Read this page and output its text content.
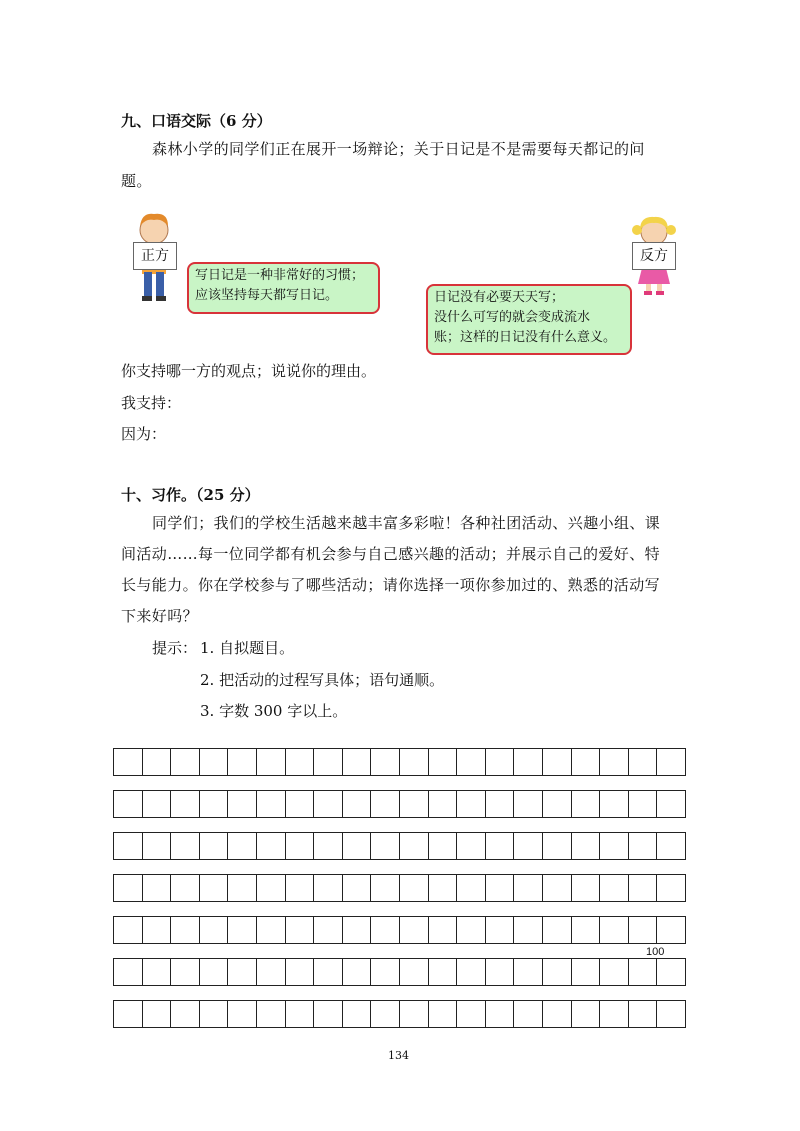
九、口语交际（6 分）
森林小学的同学们正在展开一场辩论；关于日记是不是需要每天都记的问
题。
正方	反方
写日记是一种非常好的习惯；
应该坚持每天都写日记。	日记没有必要天天写；
没什么可写的就会变成流水
账；这样的日记没有什么意义。
你支持哪一方的观点；说说你的理由。
我支持：
因为：
十、习作。（25 分）
同学们；我们的学校生活越来越丰富多彩啦！各种社团活动、兴趣小组、课
间活动……每一位同学都有机会参与自己感兴趣的活动；并展示自己的爱好、特
长与能力。你在学校参与了哪些活动；请你选择一项你参加过的、熟悉的活动写
下来好吗？
提示： 1. 自拟题目。
2. 把活动的过程写具体；语句通顺。
3. 字数 300 字以上。
100
134
